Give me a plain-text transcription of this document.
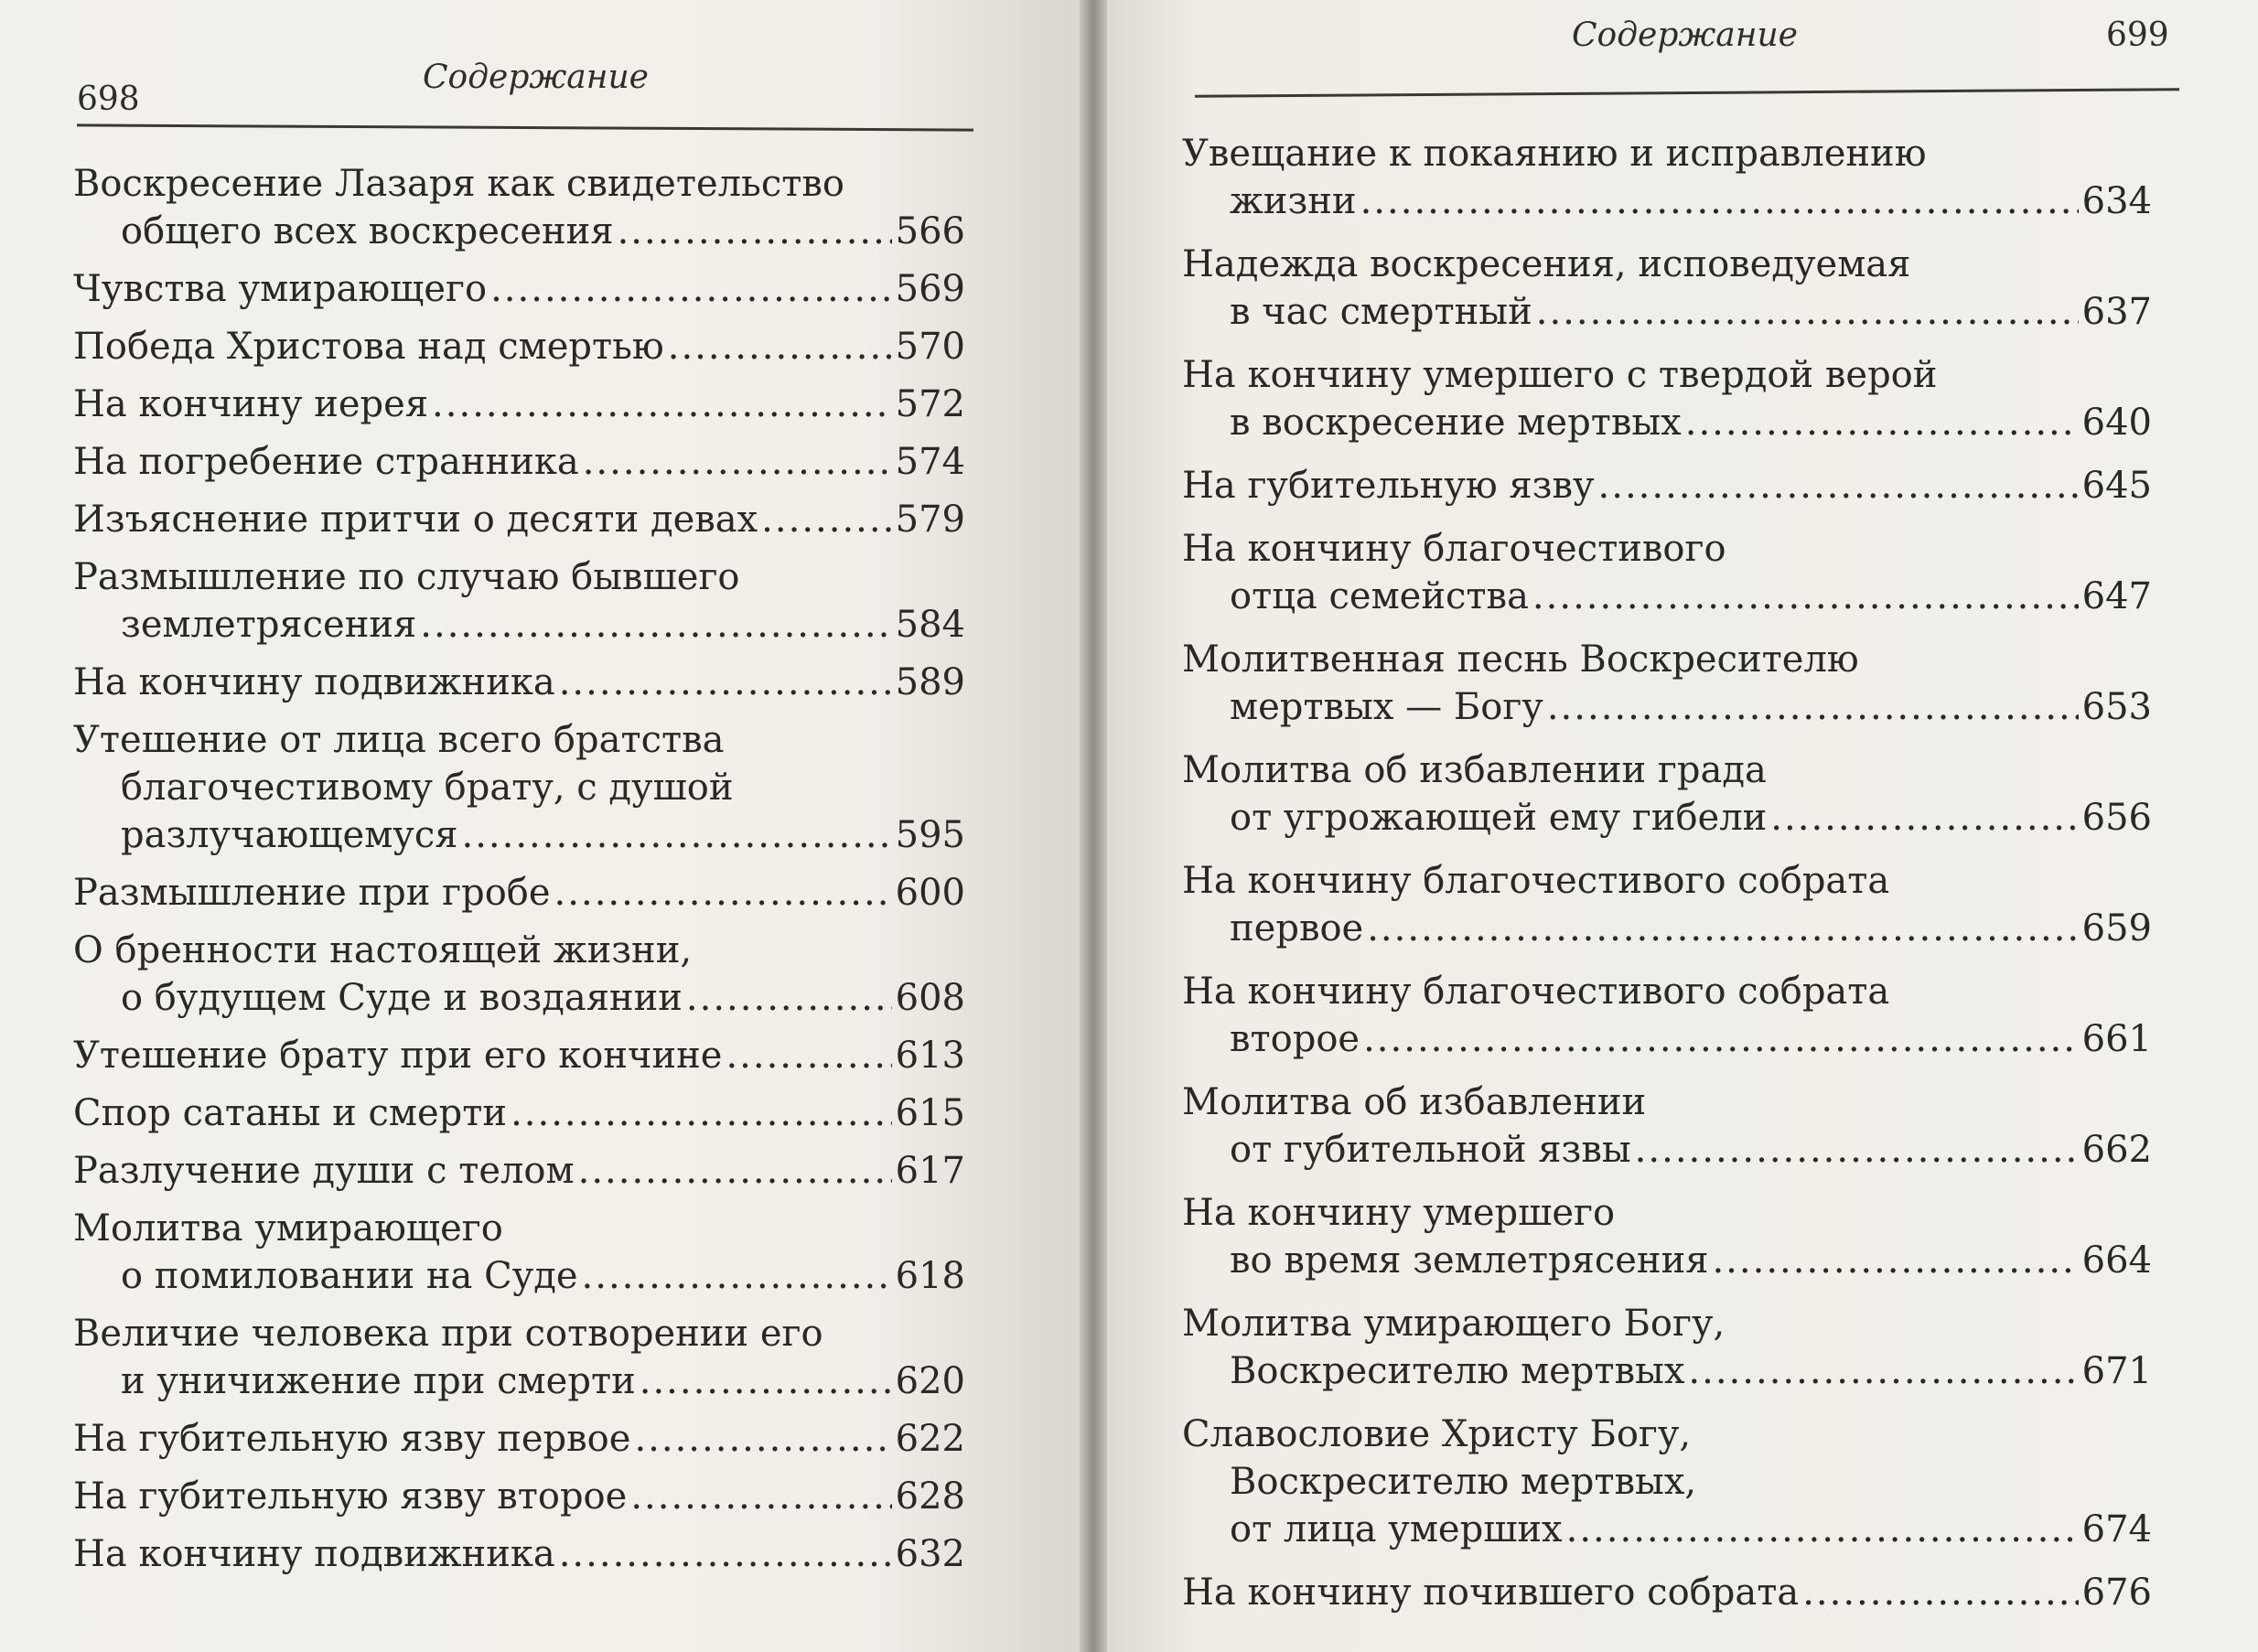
698
Содержание
Воскресение Лазаря как свидетельство
общего всех воскресения .....	566
Чувства умирающего .....	569
Победа Христова над смертью .....	570
На кончину иерея .....	572
На погребение странника .....	574
Изъяснение притчи о десяти девах .....	579
Размышление по случаю бывшего
землетрясения .....	584
На кончину подвижника .....	589
Утешение от лица всего братства
благочестивому брату, с душой
разлучающемуся .....	595
Размышление при гробе .....	600
О бренности настоящей жизни,
о будущем Суде и воздаянии .....	608
Утешение брату при его кончине .....	613
Спор сатаны и смерти .....	615
Разлучение души с телом .....	617
Молитва умирающего
о помиловании на Суде .....	618
Величие человека при сотворении его
и уничижение при смерти .....	620
На губительную язву первое .....	622
На губительную язву второе .....	628
На кончину подвижника .....	632
Содержание	699
Увещание к покаянию и исправлению
жизни .....	634
Надежда воскресения, исповедуемая
в час смертный .....	637
На кончину умершего с твердой верой
в воскресение мертвых .....	640
На губительную язву .....	645
На кончину благочестивого
отца семейства .....	647
Молитвенная песнь Воскресителю
мертвых — Богу .....	653
Молитва об избавлении града
от угрожающей ему гибели .....	656
На кончину благочестивого собрата
первое .....	659
На кончину благочестивого собрата
второе .....	661
Молитва об избавлении
от губительной язвы .....	662
На кончину умершего
во время землетрясения .....	664
Молитва умирающего Богу,
Воскресителю мертвых .....	671
Славословие Христу Богу,
Воскресителю мертвых,
от лица умерших .....	674
На кончину почившего собрата .....	676
